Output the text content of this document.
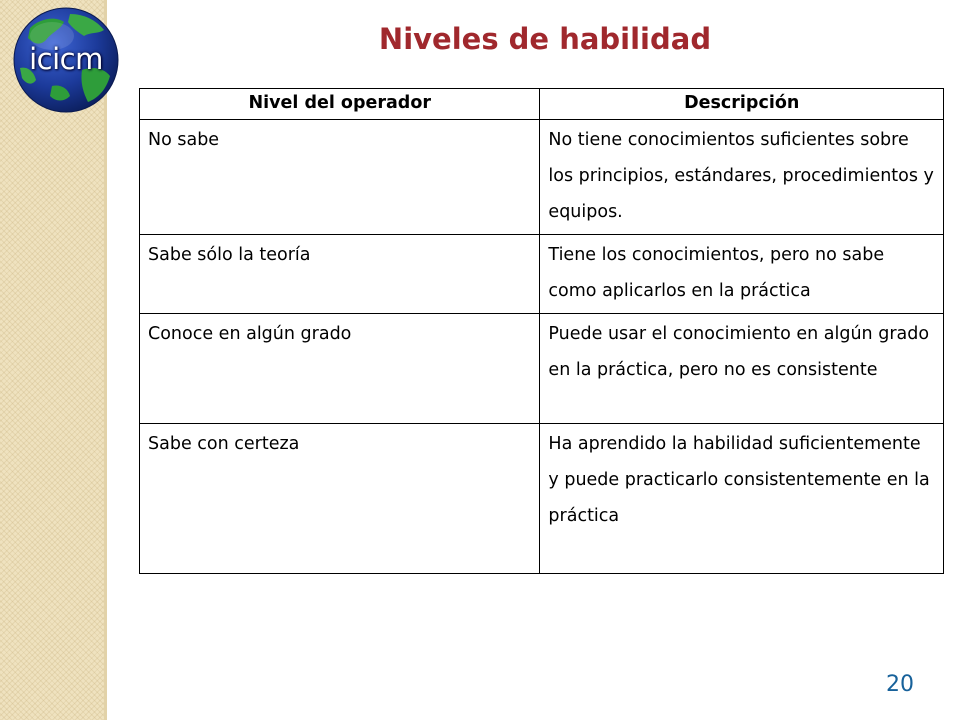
icicm
Niveles de habilidad
Nivel del operador	Descripción
No sabe	No tiene conocimientos suficientes sobre los principios, estándares, procedimientos y equipos.
Sabe sólo la teoría	Tiene los conocimientos, pero no sabe como aplicarlos en la práctica
Conoce en algún grado	Puede usar el conocimiento en algún grado en la práctica, pero no es consistente
Sabe con certeza	Ha aprendido la habilidad suficientemente y puede practicarlo consistentemente en la práctica
20
